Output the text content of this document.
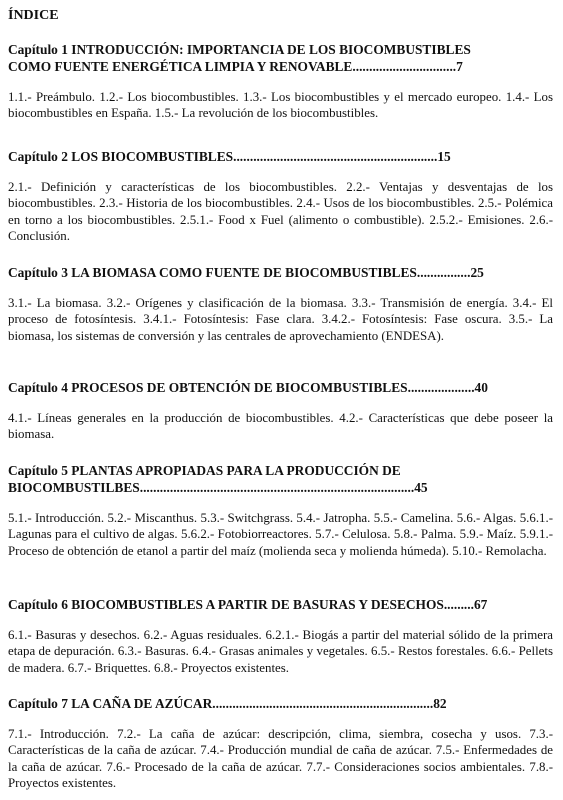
ÍNDICE

Capítulo 1 INTRODUCCIÓN: IMPORTANCIA DE LOS BIOCOMBUSTIBLES
COMO FUENTE ENERGÉTICA LIMPIA Y RENOVABLE...............................7

1.1.- Preámbulo. 1.2.- Los biocombustibles. 1.3.- Los biocombustibles y el mercado europeo. 1.4.- Los biocombustibles en España. 1.5.- La revolución de los biocombustibles.

Capítulo 2 LOS BIOCOMBUSTIBLES.............................................................15

2.1.- Definición y características de los biocombustibles. 2.2.- Ventajas y desventajas de los biocombustibles. 2.3.- Historia de los biocombustibles. 2.4.- Usos de los biocombustibles. 2.5.- Polémica en torno a los biocombustibles. 2.5.1.- Food x Fuel (alimento o combustible). 2.5.2.- Emisiones. 2.6.- Conclusión.

Capítulo 3 LA BIOMASA COMO FUENTE DE BIOCOMBUSTIBLES................25

3.1.- La biomasa. 3.2.- Orígenes y clasificación de la biomasa. 3.3.- Transmisión de energía. 3.4.- El proceso de fotosíntesis. 3.4.1.- Fotosíntesis: Fase clara. 3.4.2.- Fotosíntesis: Fase oscura. 3.5.- La biomasa, los sistemas de conversión y las centrales de aprovechamiento (ENDESA).

Capítulo 4 PROCESOS DE OBTENCIÓN DE BIOCOMBUSTIBLES....................40

4.1.- Líneas generales en la producción de biocombustibles. 4.2.- Características que debe poseer la biomasa.

Capítulo 5 PLANTAS APROPIADAS PARA LA PRODUCCIÓN DE
BIOCOMBUSTILBES..................................................................................45

5.1.- Introducción. 5.2.- Miscanthus. 5.3.- Switchgrass. 5.4.- Jatropha. 5.5.- Camelina. 5.6.- Algas. 5.6.1.- Lagunas para el cultivo de algas. 5.6.2.- Fotobiorreactores. 5.7.- Celulosa. 5.8.- Palma. 5.9.- Maíz. 5.9.1.- Proceso de obtención de etanol a partir del maíz (molienda seca y molienda húmeda). 5.10.- Remolacha.

Capítulo 6 BIOCOMBUSTIBLES A PARTIR DE BASURAS Y DESECHOS.........67

6.1.- Basuras y desechos. 6.2.- Aguas residuales. 6.2.1.- Biogás a partir del material sólido de la primera etapa de depuración. 6.3.- Basuras. 6.4.- Grasas animales y vegetales. 6.5.- Restos forestales. 6.6.- Pellets de madera. 6.7.- Briquettes. 6.8.- Proyectos existentes.

Capítulo 7 LA CAÑA DE AZÚCAR..................................................................82

7.1.- Introducción. 7.2.- La caña de azúcar: descripción, clima, siembra, cosecha y usos. 7.3.- Características de la caña de azúcar. 7.4.- Producción mundial de caña de azúcar. 7.5.- Enfermedades de la caña de azúcar. 7.6.- Procesado de la caña de azúcar. 7.7.- Consideraciones socios ambientales. 7.8.- Proyectos existentes.
